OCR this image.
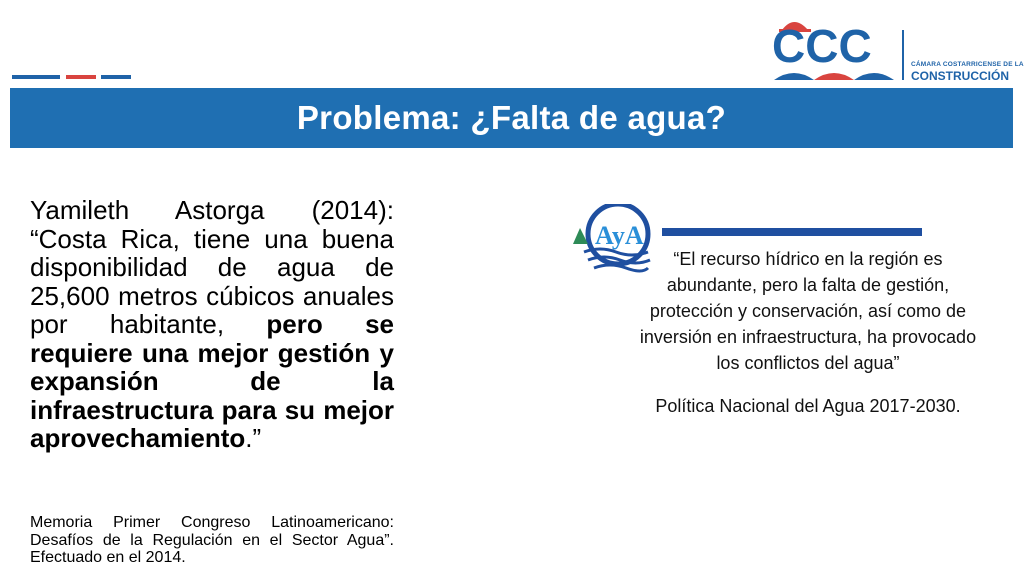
CCC	CÁMARA COSTARRICENSE DE LA
CONSTRUCCIÓN
Problema: ¿Falta de agua?
Yamileth Astorga (2014): “Costa Rica, tiene una buena disponibilidad de agua de 25,600 metros cúbicos anuales por habitante, pero se requiere una mejor gestión y expansión de la infraestructura para su mejor aprovechamiento.”
Memoria Primer Congreso Latinoamericano: Desafíos de la Regulación en el Sector Agua”. Efectuado en el 2014.
AyA
“El recurso hídrico en la región es abundante, pero la falta de gestión, protección y conservación, así como de inversión en infraestructura, ha provocado los conflictos del agua”
Política Nacional del Agua 2017-2030.
